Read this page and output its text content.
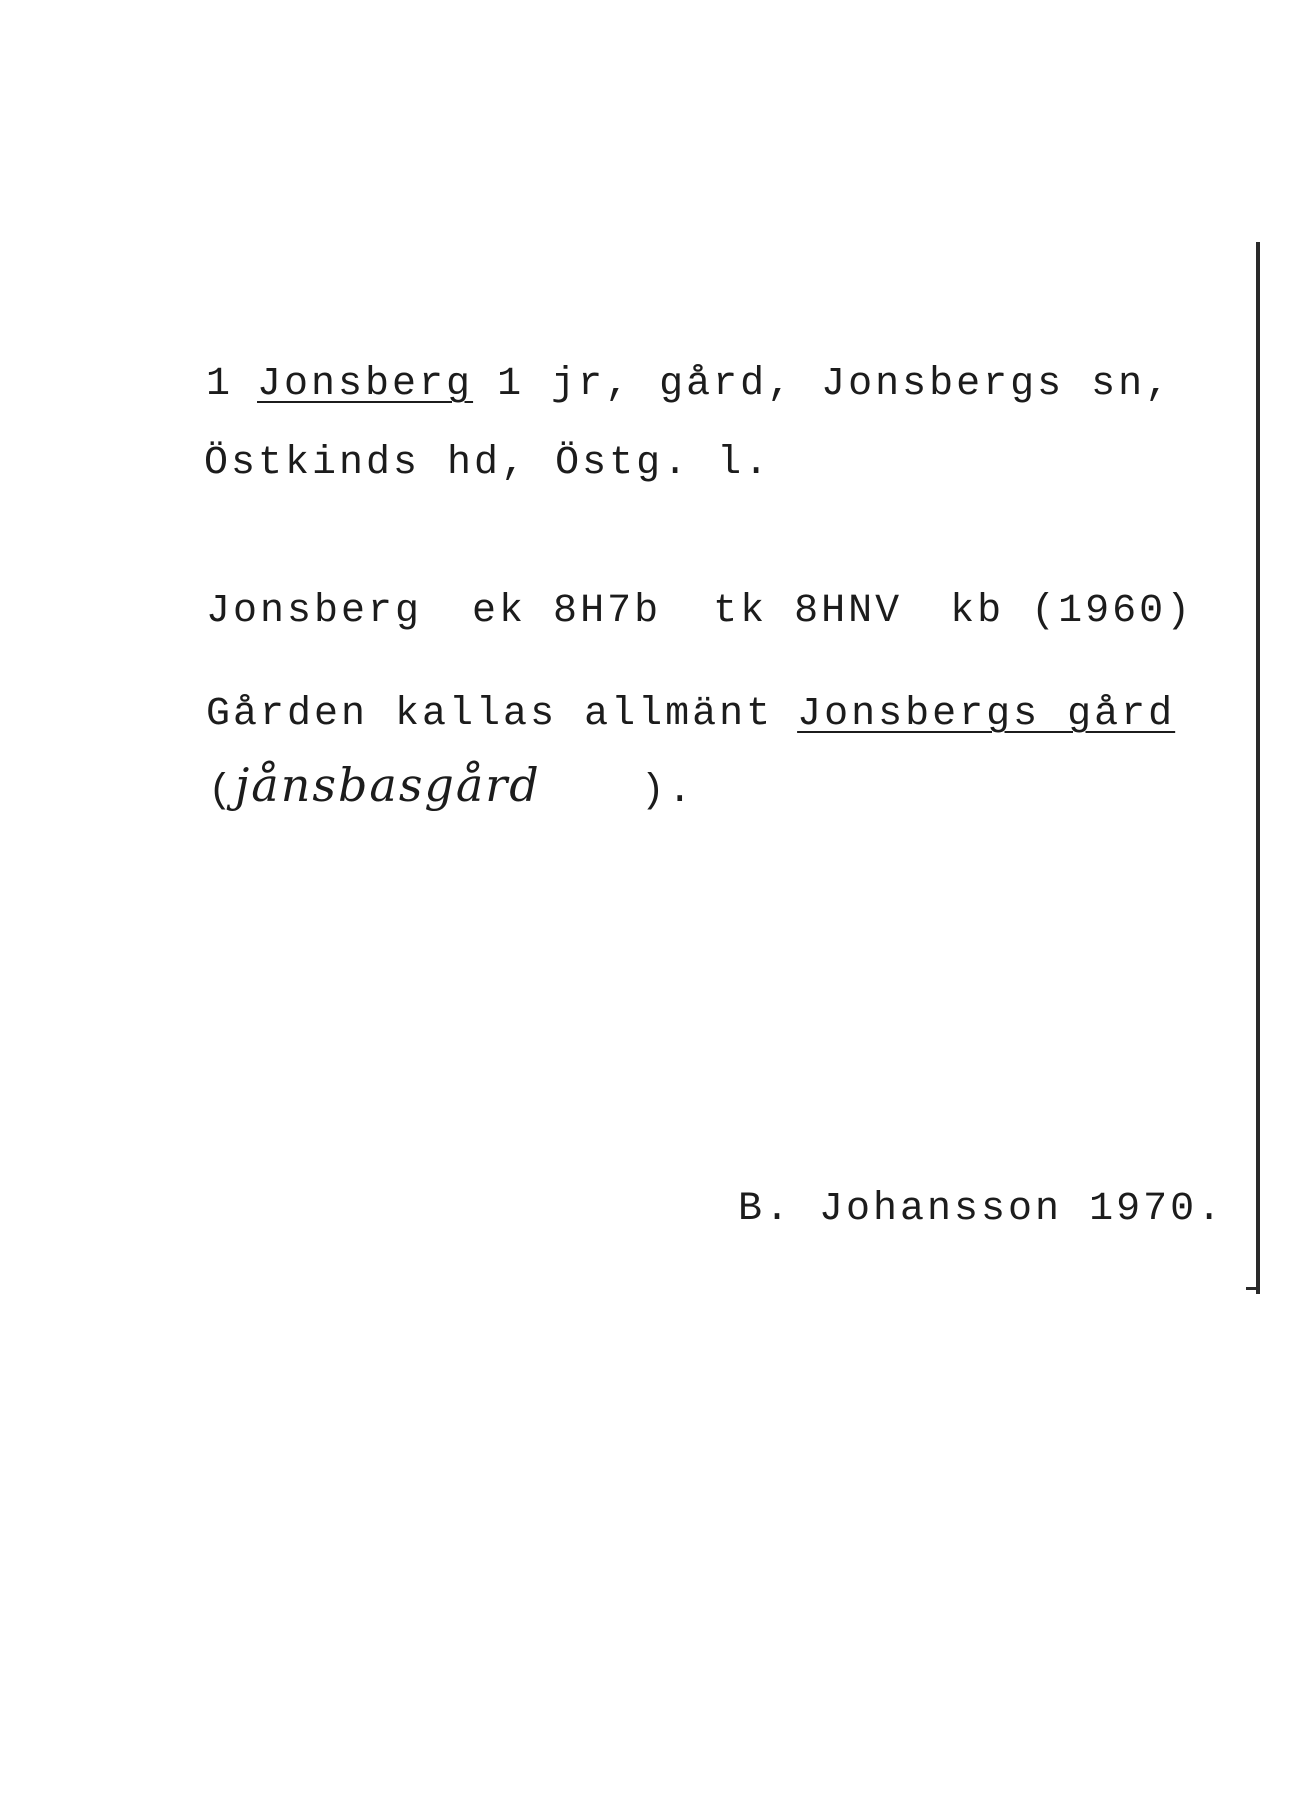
1 Jonsberg 1 jr, gård, Jonsbergs sn,

Östkinds hd, Östg. l.

Jonsberg ek 8H7b tk 8HNV kb (1960)

Gården kallas allmänt Jonsbergs gård

(jånsbasgård	).

B. Johansson 1970.
